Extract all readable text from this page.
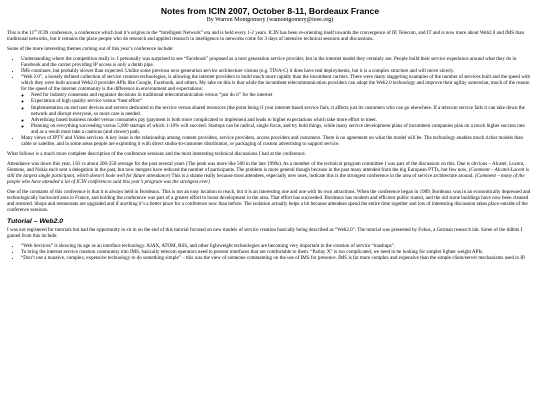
Notes from ICIN 2007, October 8-11, Bordeaux France
By Warren Montgomery (wamontgomery@ieee.org)

This is the 11th ICIN conference, a conference which had it’s origins in the “Intelligent Network” era and is held every 1-2 years. ICIN has been re-orienting itself towards the convergence of IP, Telecom, and IT and is now more about Web2.0 and IMS than traditional networks, but it remains the place people who do research and applied research in intelligence in networks come for 3 days of intensive technical sessions and discussions.

Some of the more interesting themes coming out of this year’s conference include:

• Understanding where the competition really is. I personally was surprised to see “Facebook” proposed as a next generation service provider, but in the internet model they certainly are. People build their service experience around what they do in Facebook and the carrier providing IP access is only a dumb pipe.
• IMS continues, but probably slower than expected. Unlike some previous next generation service architecture visions (e.g. TINA-C) it does have real deployments, but it is a complex structure and will move slowly.
• “Web 2.0”, a loosely defined collection of service creation technologies, is allowing the internet providers to build much more rapidly than the incumbent carriers. There were many staggering examples of the number of services built and the speed with which they were built around Web2.0 provider APIs like Google, Facebook, and others. My take on this is that while the incumbent telecommunication providers can adopt the Web2.0 technology and improve their agility somewhat, much of the reason for the speed of the internet community is the difference in environment and expectations:
◦ Need for industry consensus and regulator decisions in traditional telecommunication versus “just do it” for the internet
◦ Expectation of high quality service versus “best effort”
◦ Implementation on end user devices and servers dedicated to the service versus shared resources (the point being if your internet based service fails, it affects just its customers who can go elsewhere. If a telecom service fails it can take down the network and disrupt everyone, so more care is needed.
◦ Advertising based business model versus consumers pay (payment is both more complicated to implement and leads to higher expectations which take more effort to meet.
◦ Planning on everything succeeding versus 5,000 startups of which 1-10% will succeed. Startups can be radical, single focus, and try bold things, while many service development plans of incumbent companies plan on a much higher success rate and as a result must take a cautious (and slower) path.
• Many views of IPTV and Video services. A key issue is the relationship among content providers, service providers, access providers and customers. There is no agreement on what the model will be. The technology enables much richer models than cable or satellite, and in some areas people are exploiting it with direct studio-to-customer distribution, or packaging of custom advertising to support service.

What follows is a much more complete description of the conference sessions and the most interesting technical discussions I had at the conference.

Attendance was down this year, 150 vs about 200-250 average for the past several years (The peak was more like 500 in the late 1990s). As a member of the technical program committee I was part of the discussion on this. One is obvious – Alcatel, Lucent, Siemens, and Nokia each sent a delegation in the past, but now mergers have reduced the number of participants. The problem is more general though because in the past many attended from the big European PTTs, but few now. (Comment – Alcatel-Lucent is still the largest single participant, which doesn’t bode well for future attendance) This is a shame really because most attendees, especially new ones, indicate this is the strongest conference in the area of service architecture around. (Comment – many of the people who have attended a lot of ICIN conferences said this year’s program was the strongest ever)

One of the constants of this conference is that it is always held in Bordeaux. This is not an easy location to reach, but it is an interesting one and one with its own attractions. When the conference began in 1989, Bordeaux was in an economically depressed and technologically backward area in France, and holding the conference was part of a greater effort to boost development in the area. That effort has succeeded. Bordeaux has modern and efficient public transit, and the old stone buildings have now been cleaned and restored. Shops and restaurants are upgraded and if anything it’s a better place for a conference now than before. The isolation actually helps a bit because attendees spend the entire time together and lots of interesting discussion takes place outside of the conference sessions.

Tutorial – Web2.0

I was not registered for tutorials but had the opportunity to sit in on the end of this tutorial focused on new models of service creation basically being described as “Web2.0”. The tutorial was presented by Fokus, a German research lab. Some of the tidbits I gained from this include:

• “Web Services” is showing its age as an interface technology. AJAX, ATOM, RSS, and other lightweight technologies are becoming very important in the creation of service “mashups”.
• To bring the internet service creation community into IMS, basically telecom operators need to present interfaces that are comfortable to them. “Parlay X” is too complicated, we need to be looking for simpler lighter weight APIs.
• “Don’t use a massive, complex, expensive technology to do something simple” – this was the view of someone commenting on the use of IMS for presence. IMS is far more complex and expensive than the simple client/server mechanisms used in IP.
